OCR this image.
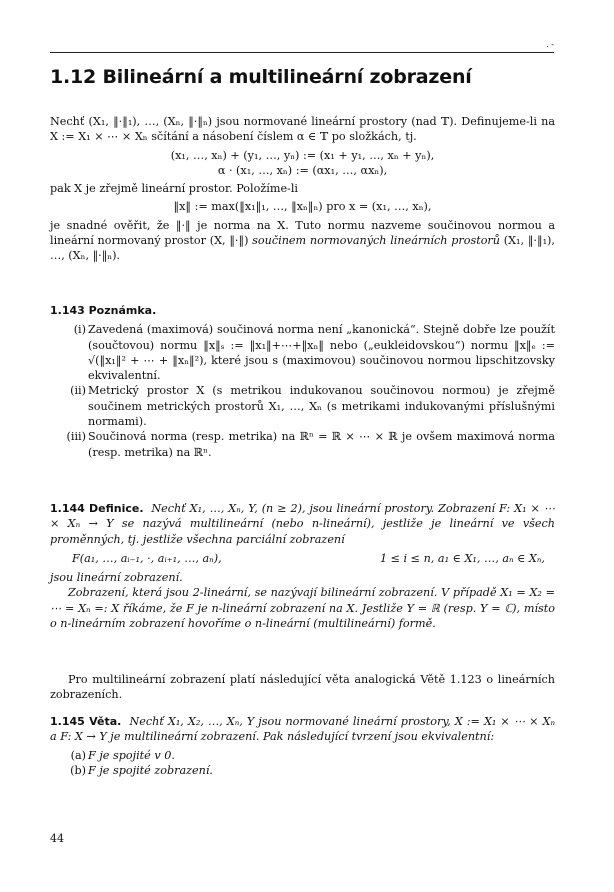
. -
1.12 Bilineární a multilineární zobrazení

Nechť (X₁, ‖·‖₁), …, (Xₙ, ‖·‖ₙ) jsou normované lineární prostory (nad 𝕋). Definujeme-li na X := X₁ × ⋯ × Xₙ sčítání a násobení číslem α ∈ 𝕋 po složkách, tj.

(x₁, …, xₙ) + (y₁, …, yₙ) := (x₁ + y₁, …, xₙ + yₙ),

α · (x₁, …, xₙ) := (αx₁, …, αxₙ),

pak X je zřejmě lineární prostor. Položíme-li

‖x‖ := max(‖x₁‖₁, …, ‖xₙ‖ₙ) pro x = (x₁, …, xₙ),

je snadné ověřit, že ‖·‖ je norma na X. Tuto normu nazveme součinovou normou a lineární normovaný prostor (X, ‖·‖) součinem normovaných lineárních prostorů (X₁, ‖·‖₁), …, (Xₙ, ‖·‖ₙ).

1.143 Poznámka.

(i) Zavedená (maximová) součinová norma není „kanonická“. Stejně dobře lze použít (součtovou) normu ‖x‖ₛ := ‖x₁‖+⋯+‖xₙ‖ nebo („eukleidovskou“) normu ‖x‖ₑ := √(‖x₁‖² + ⋯ + ‖xₙ‖²), které jsou s (maximovou) součinovou normou lipschitzovsky ekvivalentní.
(ii) Metrický prostor X (s metrikou indukovanou součinovou normou) je zřejmě součinem metrických prostorů X₁, …, Xₙ (s metrikami indukovanými příslušnými normami).
(iii) Součinová norma (resp. metrika) na ℝⁿ = ℝ × ⋯ × ℝ je ovšem maximová norma (resp. metrika) na ℝⁿ.

1.144 Definice. Nechť X₁, …, Xₙ, Y, (n ≥ 2), jsou lineární prostory. Zobrazení F: X₁ × ⋯ × Xₙ → Y se nazývá multilineární (nebo n-lineární), jestliže je lineární ve všech proměnných, tj. jestliže všechna parciální zobrazení

F(a₁, …, aᵢ₋₁, ·, aᵢ₊₁, …, aₙ),	1 ≤ i ≤ n, a₁ ∈ X₁, …, aₙ ∈ Xₙ,

jsou lineární zobrazení.

Zobrazení, která jsou 2-lineární, se nazývají bilineární zobrazení. V případě X₁ = X₂ = ⋯ = Xₙ =: X říkáme, že F je n-lineární zobrazení na X. Jestliže Y = ℝ (resp. Y = ℂ), místo o n-lineárním zobrazení hovoříme o n-lineární (multilineární) formě.

Pro multilineární zobrazení platí následující věta analogická Větě 1.123 o lineárních zobrazeních.

1.145 Věta. Nechť X₁, X₂, …, Xₙ, Y jsou normované lineární prostory, X := X₁ × ⋯ × Xₙ a F: X → Y je multilineární zobrazení. Pak následující tvrzení jsou ekvivalentní:

(a) F je spojité v 0.
(b) F je spojité zobrazení.
44
